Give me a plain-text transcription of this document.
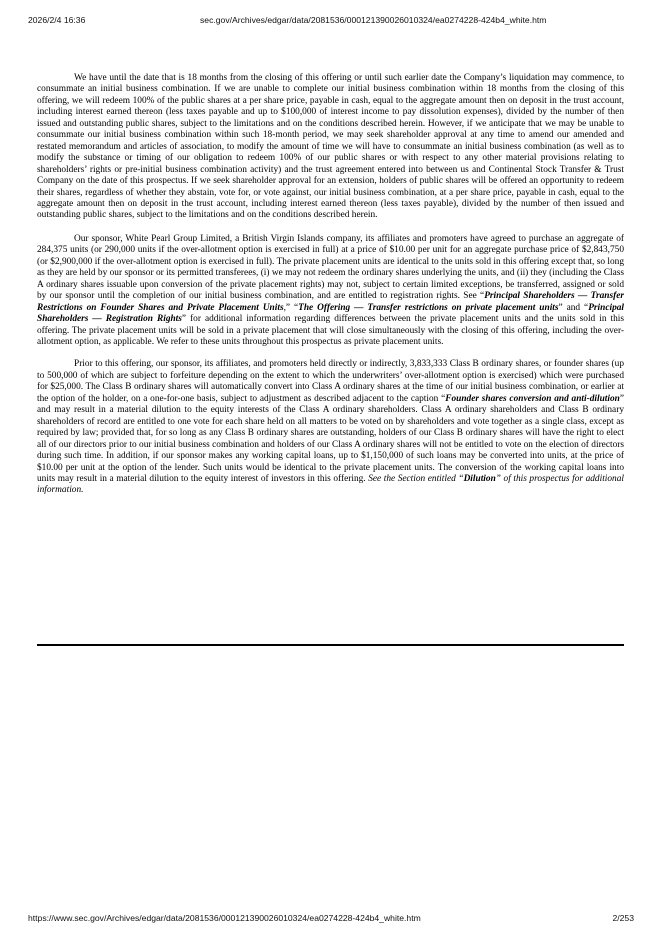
2026/2/4 16:36	sec.gov/Archives/edgar/data/2081536/000121390026010324/ea0274228-424b4_white.htm

We have until the date that is 18 months from the closing of this offering or until such earlier date the Company’s liquidation may commence, to consummate an initial business combination. If we are unable to complete our initial business combination within 18 months from the closing of this offering, we will redeem 100% of the public shares at a per share price, payable in cash, equal to the aggregate amount then on deposit in the trust account, including interest earned thereon (less taxes payable and up to $100,000 of interest income to pay dissolution expenses), divided by the number of then issued and outstanding public shares, subject to the limitations and on the conditions described herein. However, if we anticipate that we may be unable to consummate our initial business combination within such 18-month period, we may seek shareholder approval at any time to amend our amended and restated memorandum and articles of association, to modify the amount of time we will have to consummate an initial business combination (as well as to modify the substance or timing of our obligation to redeem 100% of our public shares or with respect to any other material provisions relating to shareholders’ rights or pre-initial business combination activity) and the trust agreement entered into between us and Continental Stock Transfer & Trust Company on the date of this prospectus. If we seek shareholder approval for an extension, holders of public shares will be offered an opportunity to redeem their shares, regardless of whether they abstain, vote for, or vote against, our initial business combination, at a per share price, payable in cash, equal to the aggregate amount then on deposit in the trust account, including interest earned thereon (less taxes payable), divided by the number of then issued and outstanding public shares, subject to the limitations and on the conditions described herein.

Our sponsor, White Pearl Group Limited, a British Virgin Islands company, its affiliates and promoters have agreed to purchase an aggregate of 284,375 units (or 290,000 units if the over-allotment option is exercised in full) at a price of $10.00 per unit for an aggregate purchase price of $2,843,750 (or $2,900,000 if the over-allotment option is exercised in full). The private placement units are identical to the units sold in this offering except that, so long as they are held by our sponsor or its permitted transferees, (i) we may not redeem the ordinary shares underlying the units, and (ii) they (including the Class A ordinary shares issuable upon conversion of the private placement rights) may not, subject to certain limited exceptions, be transferred, assigned or sold by our sponsor until the completion of our initial business combination, and are entitled to registration rights. See “Principal Shareholders — Transfer Restrictions on Founder Shares and Private Placement Units,” “The Offering — Transfer restrictions on private placement units” and “Principal Shareholders — Registration Rights” for additional information regarding differences between the private placement units and the units sold in this offering. The private placement units will be sold in a private placement that will close simultaneously with the closing of this offering, including the over-allotment option, as applicable. We refer to these units throughout this prospectus as private placement units.

Prior to this offering, our sponsor, its affiliates, and promoters held directly or indirectly, 3,833,333 Class B ordinary shares, or founder shares (up to 500,000 of which are subject to forfeiture depending on the extent to which the underwriters’ over-allotment option is exercised) which were purchased for $25,000. The Class B ordinary shares will automatically convert into Class A ordinary shares at the time of our initial business combination, or earlier at the option of the holder, on a one-for-one basis, subject to adjustment as described adjacent to the caption “Founder shares conversion and anti-dilution” and may result in a material dilution to the equity interests of the Class A ordinary shareholders. Class A ordinary shareholders and Class B ordinary shareholders of record are entitled to one vote for each share held on all matters to be voted on by shareholders and vote together as a single class, except as required by law; provided that, for so long as any Class B ordinary shares are outstanding, holders of our Class B ordinary shares will have the right to elect all of our directors prior to our initial business combination and holders of our Class A ordinary shares will not be entitled to vote on the election of directors during such time. In addition, if our sponsor makes any working capital loans, up to $1,150,000 of such loans may be converted into units, at the price of $10.00 per unit at the option of the lender. Such units would be identical to the private placement units. The conversion of the working capital loans into units may result in a material dilution to the equity interest of investors in this offering. See the Section entitled “Dilution” of this prospectus for additional information.

https://www.sec.gov/Archives/edgar/data/2081536/000121390026010324/ea0274228-424b4_white.htm	2/253
